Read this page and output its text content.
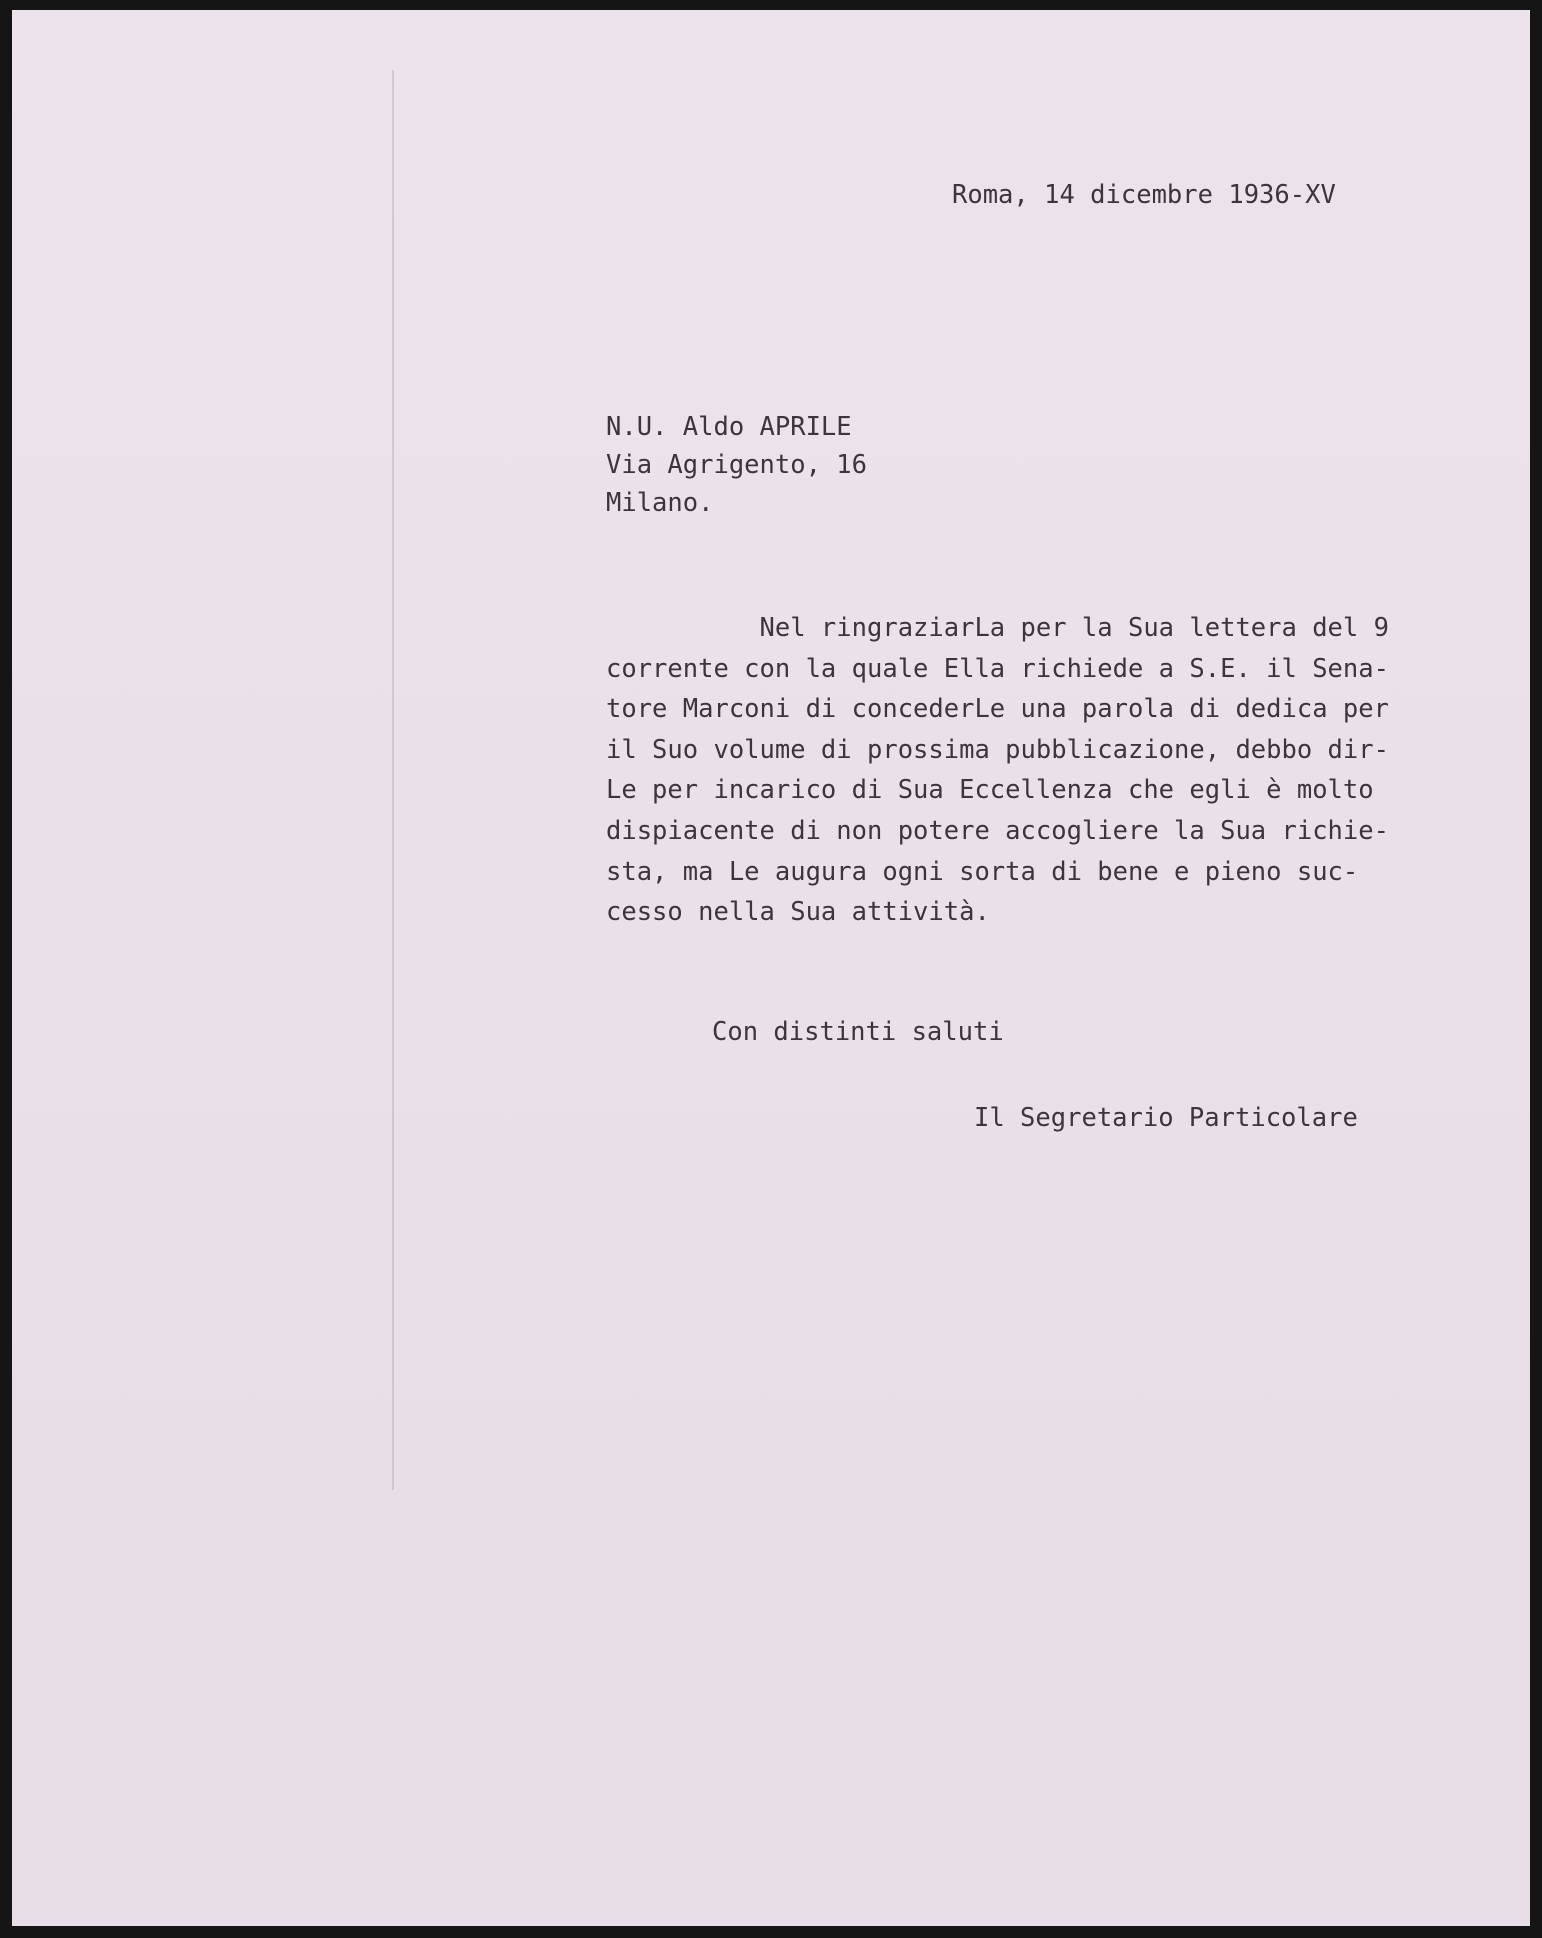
Roma, 14 dicembre 1936-XV
N.U. Aldo APRILE
Via Agrigento, 16
Milano.
Nel ringraziarLa per la Sua lettera del 9
corrente con la quale Ella richiede a S.E. il Sena-
tore Marconi di concederLe una parola di dedica per
il Suo volume di prossima pubblicazione, debbo dir-
Le per incarico di Sua Eccellenza che egli è molto
dispiacente di non potere accogliere la Sua richie-
sta, ma Le augura ogni sorta di bene e pieno suc-
cesso nella Sua attività.
Con distinti saluti
Il Segretario Particolare
